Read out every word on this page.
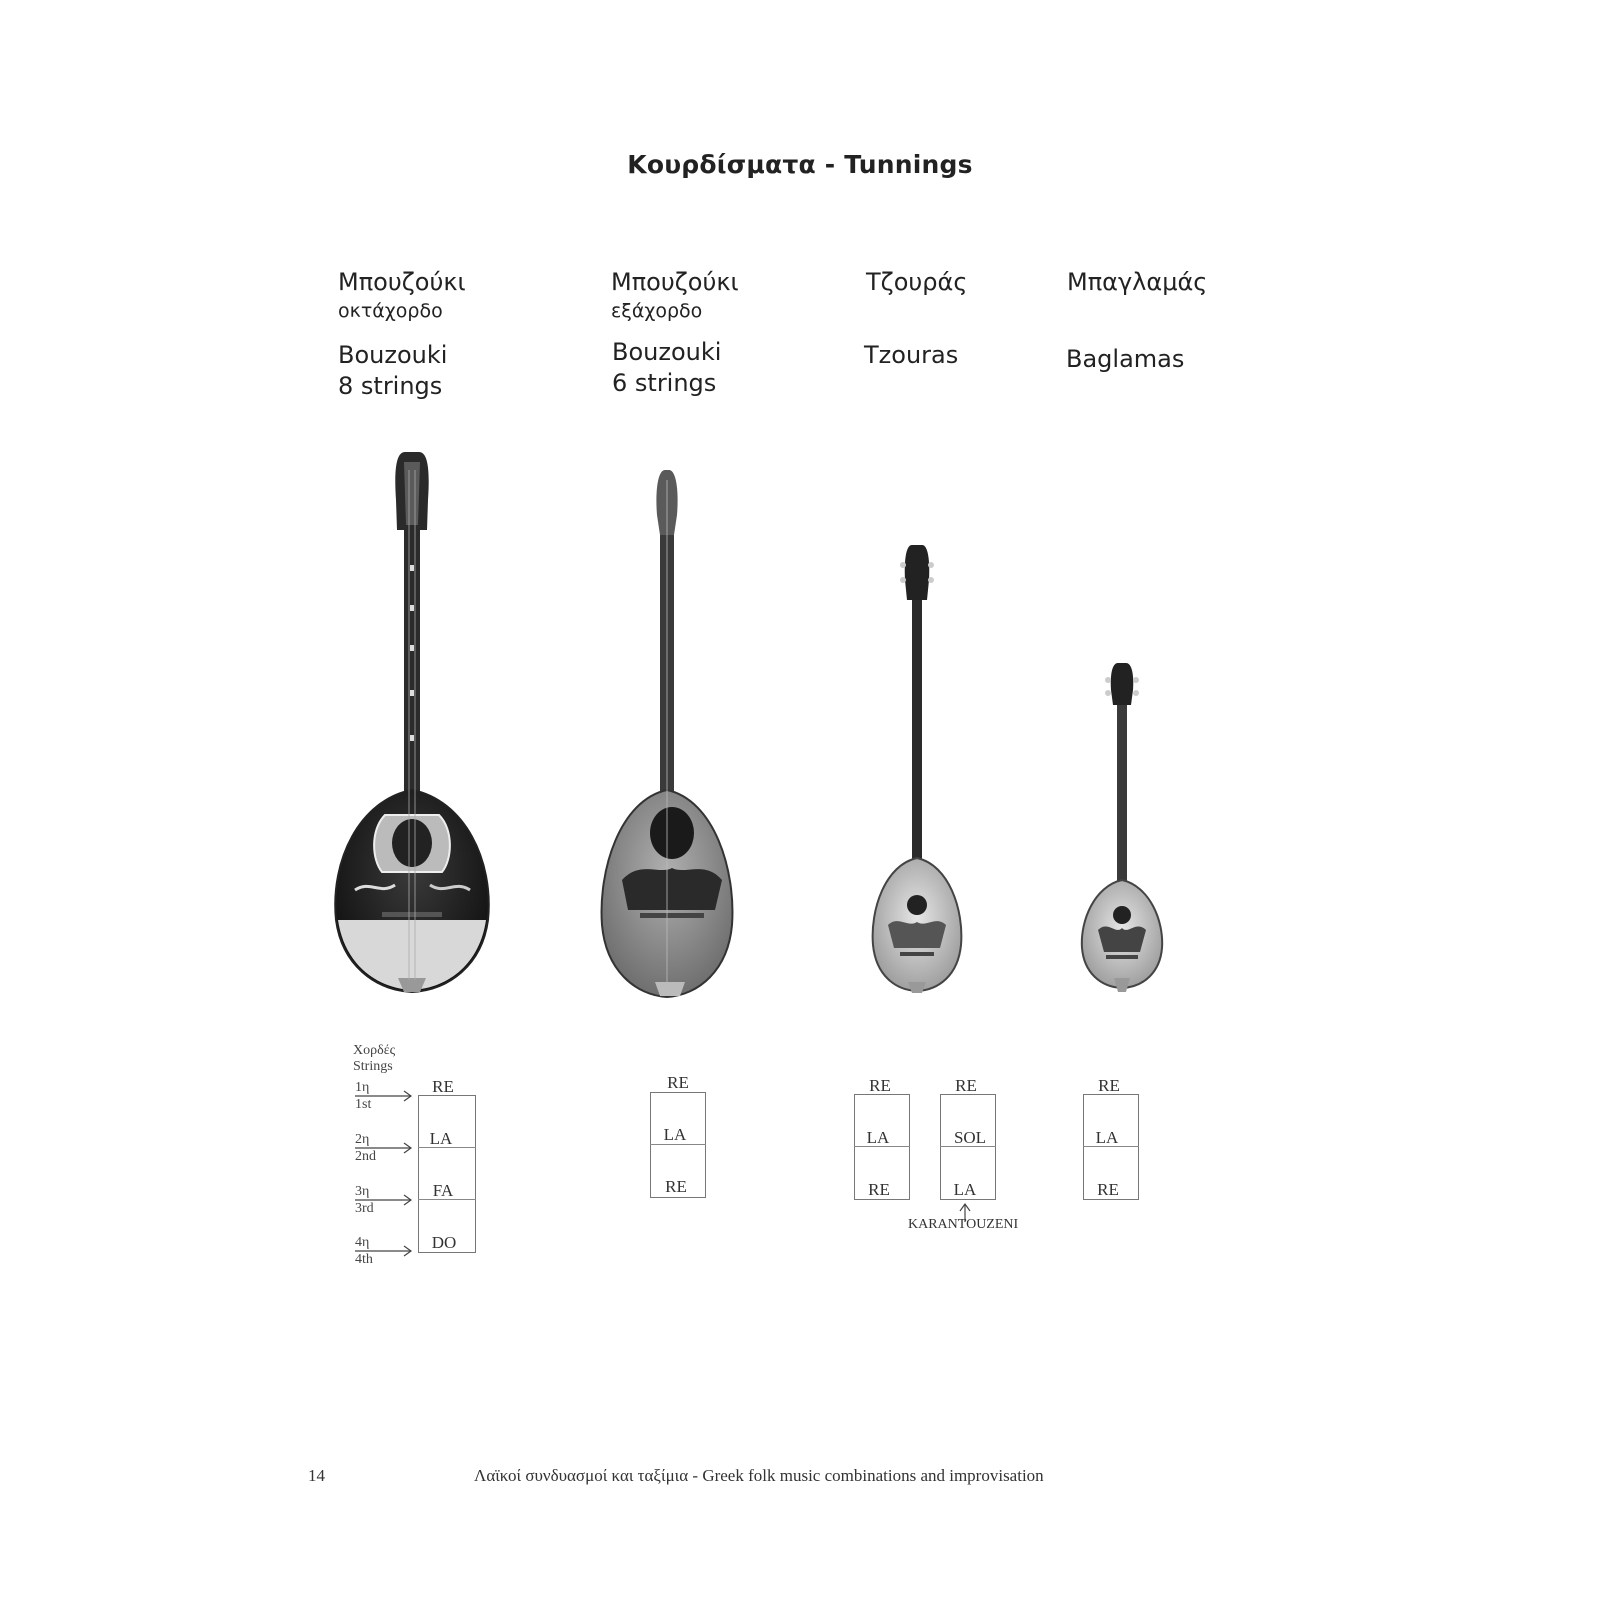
Κουρδίσματα - Tunnings
Μπουζούκι
οκτάχορδο
Bouzouki
8 strings
Μπουζούκι
εξάχορδο
Bouzouki
6 strings
Τζουράς
Tzouras
Μπαγλαμάς
Baglamas
Χορδές
Strings
1η
1st
2η
2nd
3η
3rd
4η
4th
RE
LA
FA
DO
RE
LA
RE
RE
LA
RE
RE
SOL
LA
KARANTOUZENI
RE
LA
RE
14	Λαϊκοί συνδυασμοί και ταξίμια - Greek folk music combinations and improvisation
